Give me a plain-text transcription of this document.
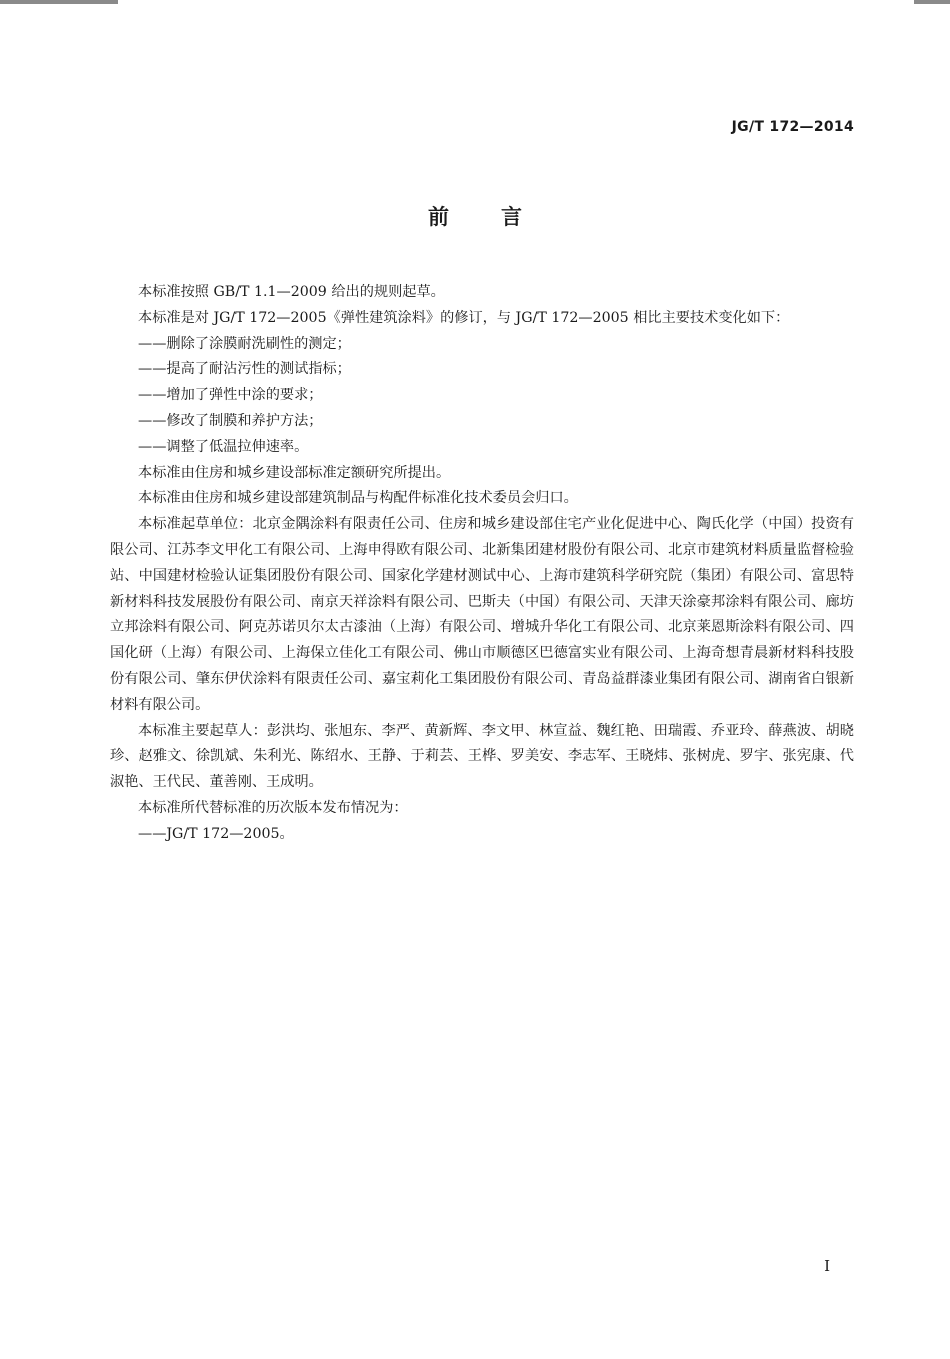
JG/T 172—2014
前言

本标准按照 GB/T 1.1—2009 给出的规则起草。

本标准是对 JG/T 172—2005《弹性建筑涂料》的修订，与 JG/T 172—2005 相比主要技术变化如下：

——删除了涂膜耐洗刷性的测定；

——提高了耐沾污性的测试指标；

——增加了弹性中涂的要求；

——修改了制膜和养护方法；

——调整了低温拉伸速率。

本标准由住房和城乡建设部标准定额研究所提出。

本标准由住房和城乡建设部建筑制品与构配件标准化技术委员会归口。

本标准起草单位：北京金隅涂料有限责任公司、住房和城乡建设部住宅产业化促进中心、陶氏化学（中国）投资有限公司、江苏李文甲化工有限公司、上海申得欧有限公司、北新集团建材股份有限公司、北京市建筑材料质量监督检验站、中国建材检验认证集团股份有限公司、国家化学建材测试中心、上海市建筑科学研究院（集团）有限公司、富思特新材料科技发展股份有限公司、南京天祥涂料有限公司、巴斯夫（中国）有限公司、天津天涂豪邦涂料有限公司、廊坊立邦涂料有限公司、阿克苏诺贝尔太古漆油（上海）有限公司、增城升华化工有限公司、北京莱恩斯涂料有限公司、四国化研（上海）有限公司、上海保立佳化工有限公司、佛山市顺德区巴德富实业有限公司、上海奇想青晨新材料科技股份有限公司、肇东伊伏涂料有限责任公司、嘉宝莉化工集团股份有限公司、青岛益群漆业集团有限公司、湖南省白银新材料有限公司。

本标准主要起草人：彭洪均、张旭东、李严、黄新辉、李文甲、林宣益、魏红艳、田瑞霞、乔亚玲、薛燕波、胡晓珍、赵雅文、徐凯斌、朱利光、陈绍水、王静、于莉芸、王桦、罗美安、李志军、王晓炜、张树虎、罗宇、张宪康、代淑艳、王代民、董善刚、王成明。

本标准所代替标准的历次版本发布情况为：

——JG/T 172—2005。

I
